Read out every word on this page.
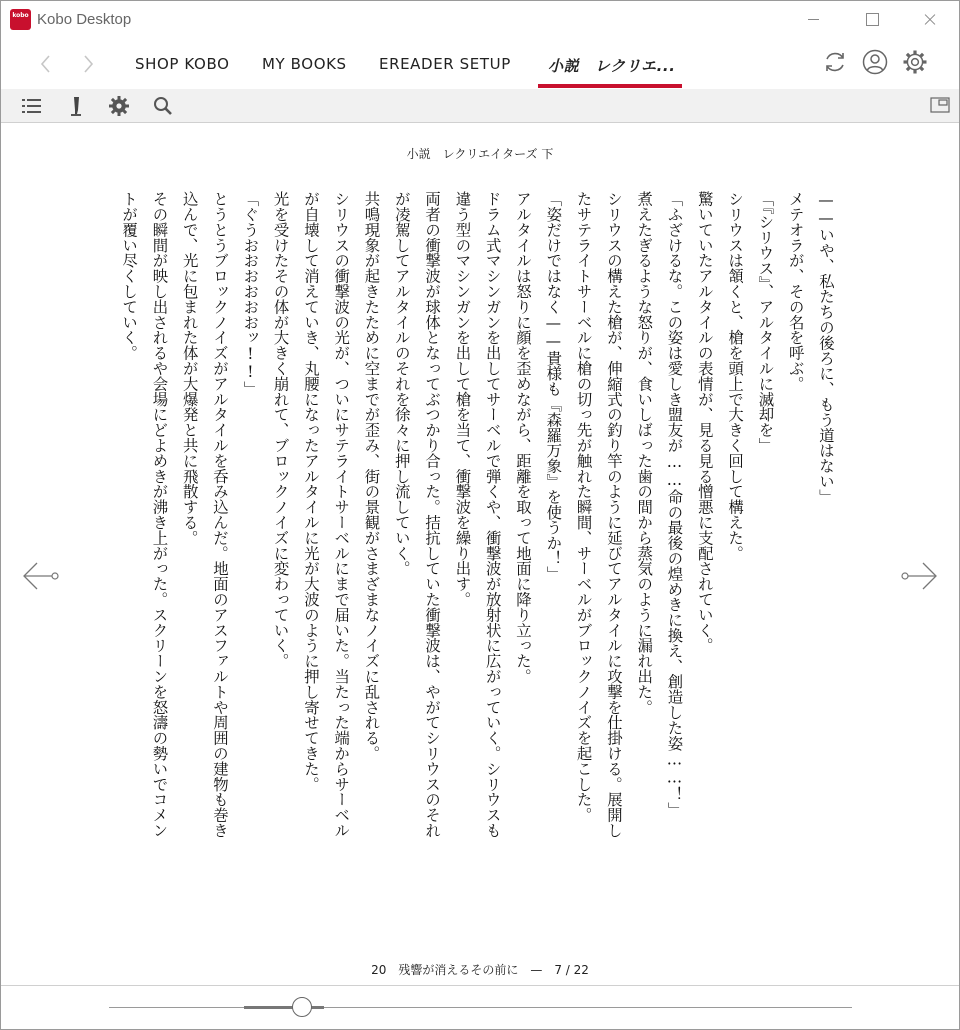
kobo Kobo Desktop
SHOP KOBO MY BOOKS EREADER SETUP 小説　レクリエ...
小説　レクリエイターズ 下
——いや、私たちの後ろに、もう道はない」
メテオラが、その名を呼ぶ。
「『シリウス』、アルタイルに滅却を」
シリウスは頷くと、槍を頭上で大きく回して構えた。
驚いていたアルタイルの表情が、見る見る憎悪に支配されていく。
「ふざけるな。この姿は愛しき盟友が……命の最後の煌めきに換え、創造した姿……！」
煮えたぎるような怒りが、食いしばった歯の間から蒸気のように漏れ出た。
シリウスの構えた槍が、伸縮式の釣り竿のように延びてアルタイルに攻撃を仕掛ける。展開し
たサテライトサーベルに槍の切っ先が触れた瞬間、サーベルがブロックノイズを起こした。
「姿だけではなく——貴様も『森羅万象』を使うか！」
アルタイルは怒りに顔を歪めながら、距離を取って地面に降り立った。
ドラム式マシンガンを出してサーベルで弾くや、衝撃波が放射状に広がっていく。シリウスも
違う型のマシンガンを出して槍を当て、衝撃波を繰り出す。
両者の衝撃波が球体となってぶつかり合った。拮抗していた衝撃波は、やがてシリウスのそれ
が凌駕してアルタイルのそれを徐々に押し流していく。
共鳴現象が起きたために空までが歪み、街の景観がさまざまなノイズに乱される。
シリウスの衝撃波の光が、ついにサテライトサーベルにまで届いた。当たった端からサーベル
が自壊して消えていき、丸腰になったアルタイルに光が大波のように押し寄せてきた。
光を受けたその体が大きく崩れて、ブロックノイズに変わっていく。
「ぐうおおおおおおッ!!」
とうとうブロックノイズがアルタイルを呑み込んだ。地面のアスファルトや周囲の建物も巻き
込んで、光に包まれた体が大爆発と共に飛散する。
その瞬間が映し出されるや会場にどよめきが沸き上がった。スクリーンを怒濤の勢いでコメン
トが覆い尽くしていく。
20　残響が消えるその前に　—　7 / 22
